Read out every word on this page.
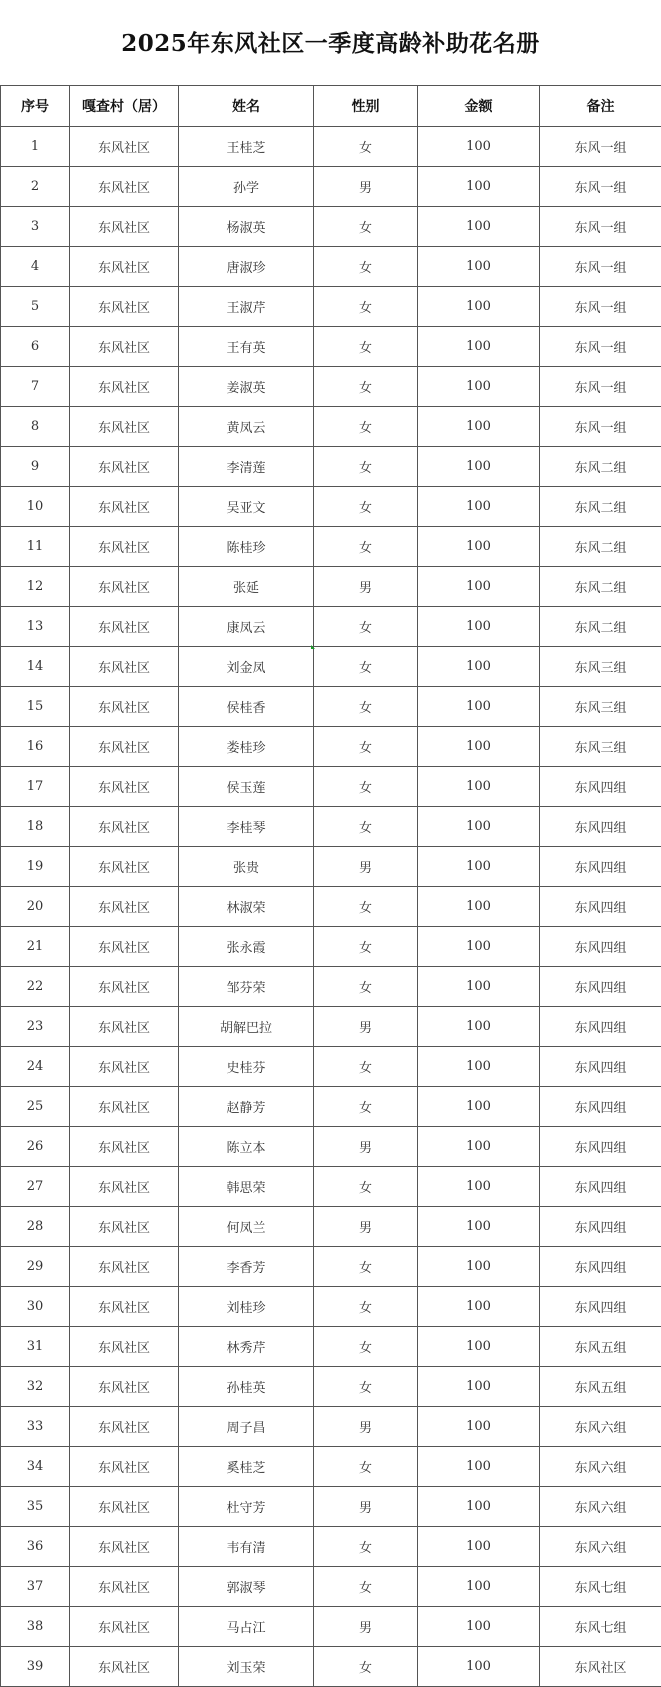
2025年东风社区一季度高龄补助花名册
序号	嘎查村（居）	姓名	性别	金额	备注
1	东风社区	王桂芝	女	100	东风一组
2	东风社区	孙学	男	100	东风一组
3	东风社区	杨淑英	女	100	东风一组
4	东风社区	唐淑珍	女	100	东风一组
5	东风社区	王淑芹	女	100	东风一组
6	东风社区	王有英	女	100	东风一组
7	东风社区	姜淑英	女	100	东风一组
8	东风社区	黄凤云	女	100	东风一组
9	东风社区	李清莲	女	100	东风二组
10	东风社区	吴亚文	女	100	东风二组
11	东风社区	陈桂珍	女	100	东风二组
12	东风社区	张延	男	100	东风二组
13	东风社区	康凤云	女	100	东风二组
14	东风社区	刘金凤	女	100	东风三组
15	东风社区	侯桂香	女	100	东风三组
16	东风社区	娄桂珍	女	100	东风三组
17	东风社区	侯玉莲	女	100	东风四组
18	东风社区	李桂琴	女	100	东风四组
19	东风社区	张贵	男	100	东风四组
20	东风社区	林淑荣	女	100	东风四组
21	东风社区	张永霞	女	100	东风四组
22	东风社区	邹芬荣	女	100	东风四组
23	东风社区	胡解巴拉	男	100	东风四组
24	东风社区	史桂芬	女	100	东风四组
25	东风社区	赵静芳	女	100	东风四组
26	东风社区	陈立本	男	100	东风四组
27	东风社区	韩思荣	女	100	东风四组
28	东风社区	何凤兰	男	100	东风四组
29	东风社区	李香芳	女	100	东风四组
30	东风社区	刘桂珍	女	100	东风四组
31	东风社区	林秀芹	女	100	东风五组
32	东风社区	孙桂英	女	100	东风五组
33	东风社区	周子昌	男	100	东风六组
34	东风社区	奚桂芝	女	100	东风六组
35	东风社区	杜守芳	男	100	东风六组
36	东风社区	韦有清	女	100	东风六组
37	东风社区	郭淑琴	女	100	东风七组
38	东风社区	马占江	男	100	东风七组
39	东风社区	刘玉荣	女	100	东风社区
